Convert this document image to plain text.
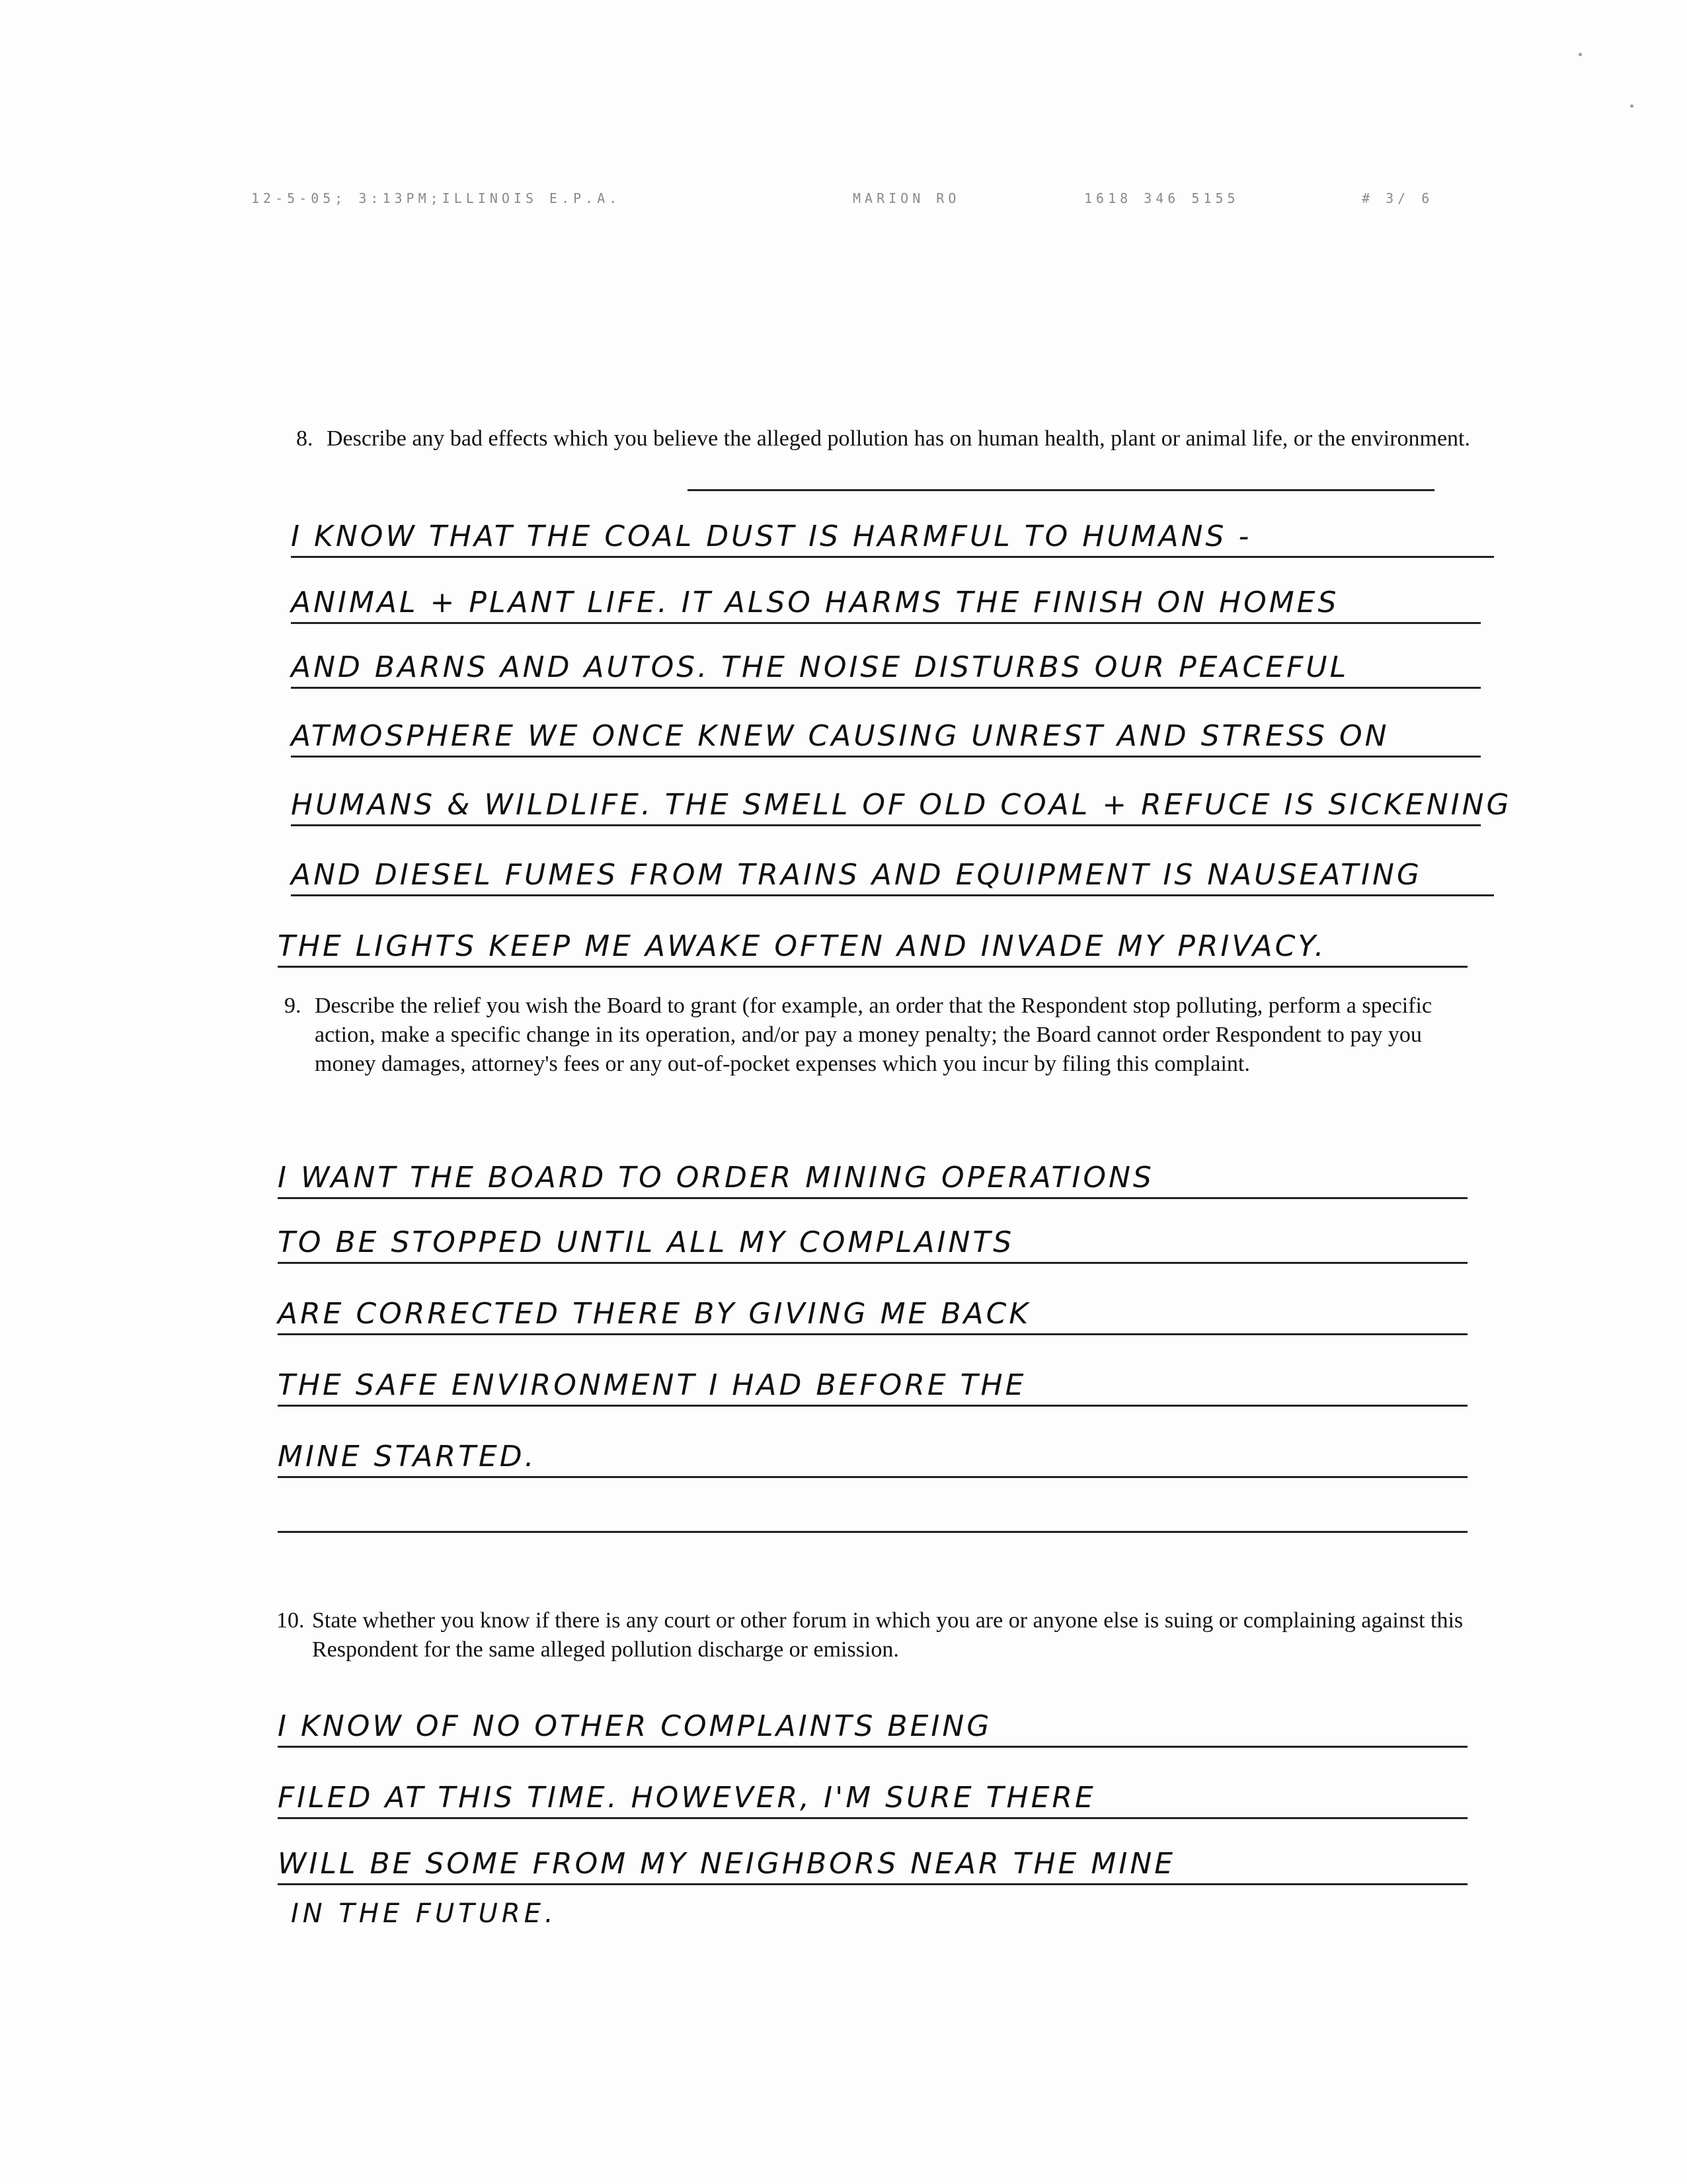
12-5-05; 3:13PM;ILLINOIS E.P.A.	MARION RO	1618 346 5155	# 3/ 6
8. Describe any bad effects which you believe the alleged pollution has on human health, plant or animal life, or the environment.
I KNOW THAT THE COAL DUST IS HARMFUL TO HUMANS -
ANIMAL + PLANT LIFE. IT ALSO HARMS THE FINISH ON HOMES
AND BARNS AND AUTOS. THE NOISE DISTURBS OUR PEACEFUL
ATMOSPHERE WE ONCE KNEW CAUSING UNREST AND STRESS ON
HUMANS & WILDLIFE. THE SMELL OF OLD COAL + REFUCE IS SICKENING
AND DIESEL FUMES FROM TRAINS AND EQUIPMENT IS NAUSEATING
THE LIGHTS KEEP ME AWAKE OFTEN AND INVADE MY PRIVACY.
9. Describe the relief you wish the Board to grant (for example, an order that the Respondent stop polluting, perform a specific action, make a specific change in its operation, and/or pay a money penalty; the Board cannot order Respondent to pay you money damages, attorney's fees or any out-of-pocket expenses which you incur by filing this complaint.
I WANT THE BOARD TO ORDER MINING OPERATIONS
TO BE STOPPED UNTIL ALL MY COMPLAINTS
ARE CORRECTED THERE BY GIVING ME BACK
THE SAFE ENVIRONMENT I HAD BEFORE THE
MINE STARTED.
10. State whether you know if there is any court or other forum in which you are or anyone else is suing or complaining against this Respondent for the same alleged pollution discharge or emission.
I KNOW OF NO OTHER COMPLAINTS BEING
FILED AT THIS TIME. HOWEVER, I'M SURE THERE
WILL BE SOME FROM MY NEIGHBORS NEAR THE MINE
IN THE FUTURE.
